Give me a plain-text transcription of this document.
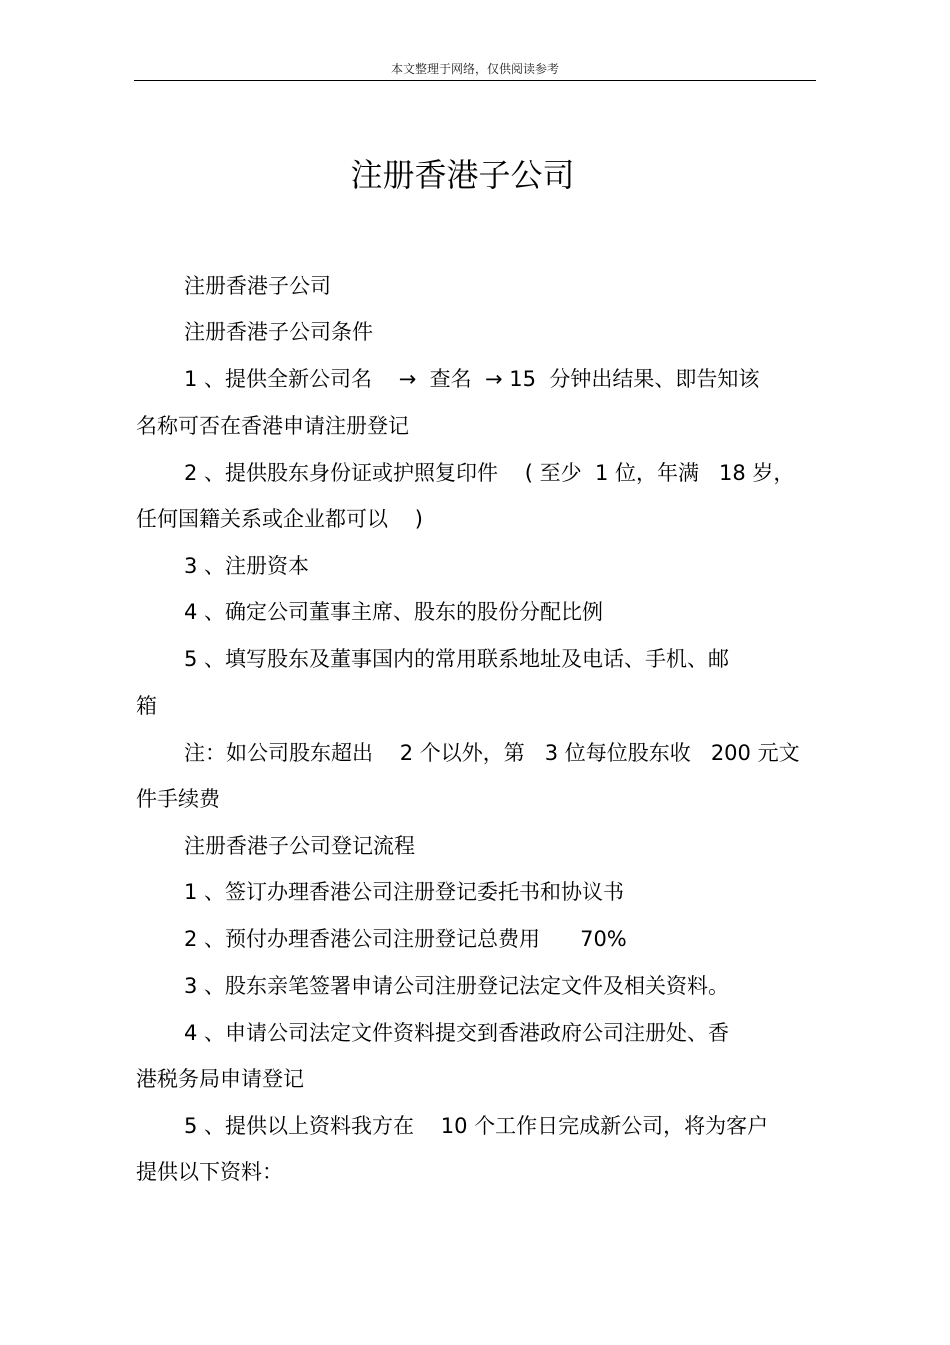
本文整理于网络，仅供阅读参考
注册香港子公司
注册香港子公司
注册香港子公司条件
1 、提供全新公司名    →  查名  → 15  分钟出结果、即告知该
名称可否在香港申请注册登记
2 、提供股东身份证或护照复印件    ( 至少  1 位，年满   18 岁，
任何国籍关系或企业都可以    )
3 、注册资本
4 、确定公司董事主席、股东的股份分配比例
5 、填写股东及董事国内的常用联系地址及电话、手机、邮
箱
注：如公司股东超出    2 个以外，第   3 位每位股东收   200 元文
件手续费
注册香港子公司登记流程
1 、签订办理香港公司注册登记委托书和协议书
2 、预付办理香港公司注册登记总费用      70%
3 、股东亲笔签署申请公司注册登记法定文件及相关资料。
4 、申请公司法定文件资料提交到香港政府公司注册处、香
港税务局申请登记
5 、提供以上资料我方在    10 个工作日完成新公司，将为客户
提供以下资料：
